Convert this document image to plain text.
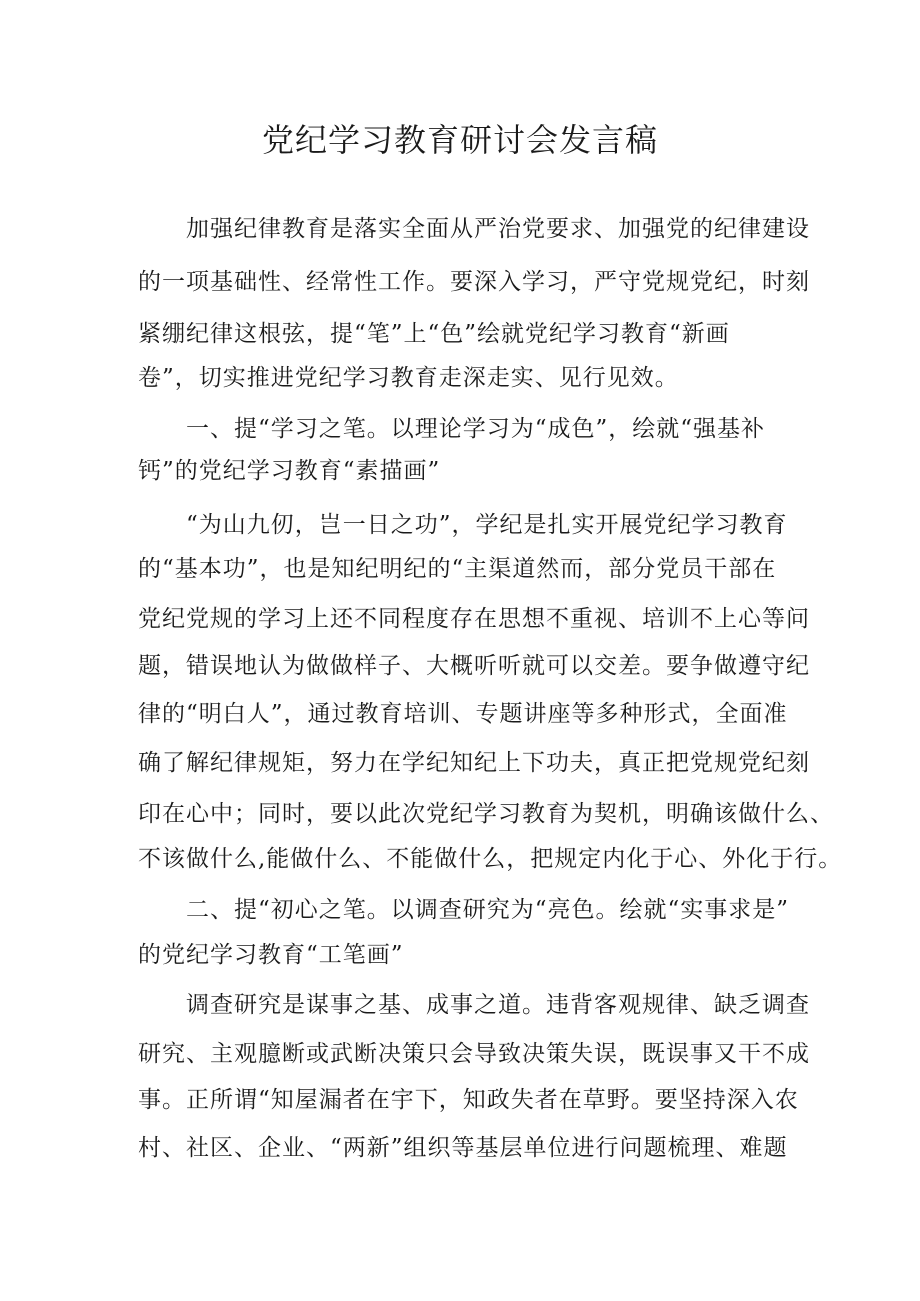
党纪学习教育研讨会发言稿
　　加强纪律教育是落实全面从严治党要求、加强党的纪律建设
的一项基础性、经常性工作。要深入学习，严守党规党纪，时刻
紧绷纪律这根弦，提“笔”上“色”绘就党纪学习教育“新画
卷”，切实推进党纪学习教育走深走实、见行见效。
　　一、提“学习之笔。以理论学习为“成色”，绘就“强基补
钙”的党纪学习教育“素描画”
　　“为山九仞，岂一日之功”，学纪是扎实开展党纪学习教育
的“基本功”，也是知纪明纪的“主渠道然而，部分党员干部在
党纪党规的学习上还不同程度存在思想不重视、培训不上心等问
题，错误地认为做做样子、大概听听就可以交差。要争做遵守纪
律的“明白人”，通过教育培训、专题讲座等多种形式，全面准
确了解纪律规矩，努力在学纪知纪上下功夫，真正把党规党纪刻
印在心中；同时，要以此次党纪学习教育为契机，明确该做什么、
不该做什么,能做什么、不能做什么，把规定内化于心、外化于行。
　　二、提“初心之笔。以调查研究为“亮色。绘就“实事求是”
的党纪学习教育“工笔画”
　　调查研究是谋事之基、成事之道。违背客观规律、缺乏调查
研究、主观臆断或武断决策只会导致决策失误，既误事又干不成
事。正所谓“知屋漏者在宇下，知政失者在草野。要坚持深入农
村、社区、企业、“两新”组织等基层单位进行问题梳理、难题
